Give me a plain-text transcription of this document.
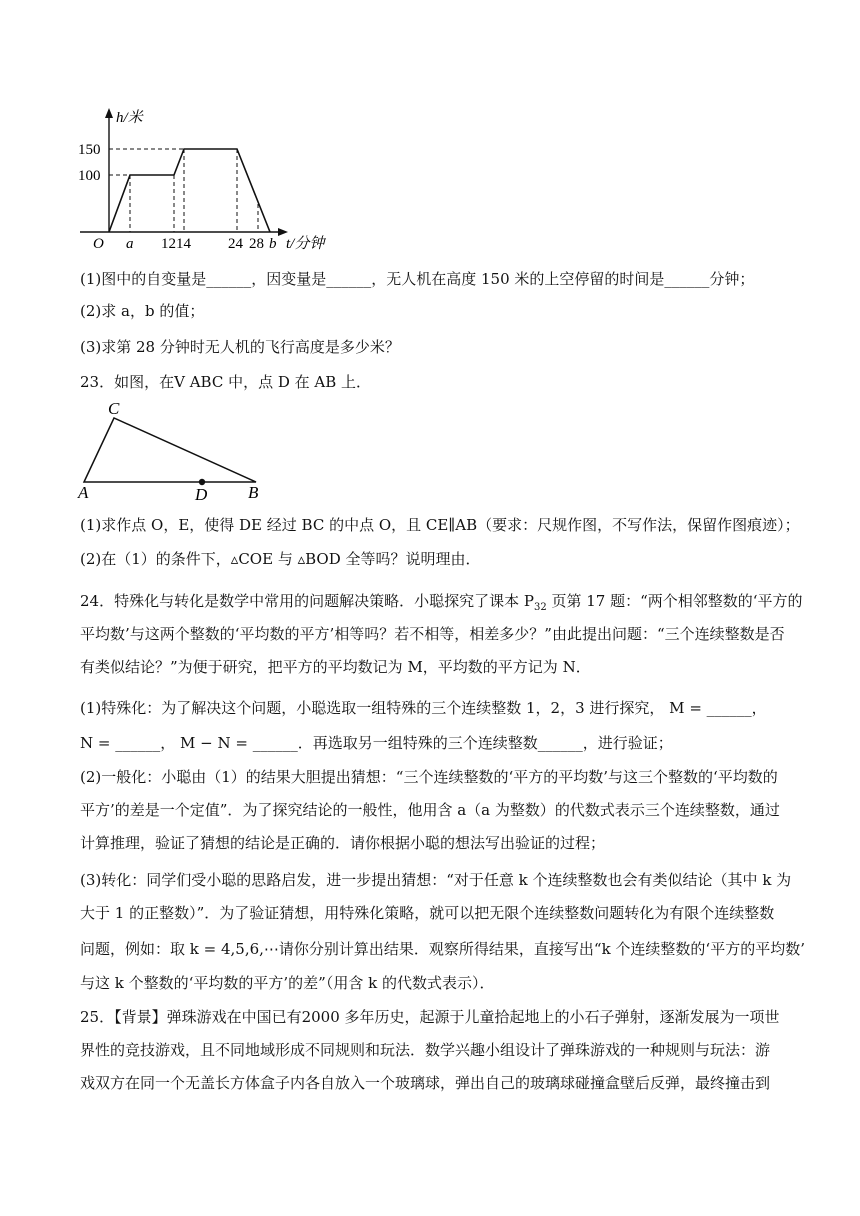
h/米
150
100
O a 1214 24 28 b t/分钟
(1)图中的自变量是______，因变量是______，无人机在高度 150 米的上空停留的时间是______分钟；
(2)求 a，b 的值；
(3)求第 28 分钟时无人机的飞行高度是多少米？
23．如图，在V ABC 中，点 D 在 AB 上．
C
A	D B
(1)求作点 O，E，使得 DE 经过 BC 的中点 O，且 CE∥AB（要求：尺规作图，不写作法，保留作图痕迹）；
(2)在（1）的条件下，▵COE 与 ▵BOD 全等吗？说明理由．
24．特殊化与转化是数学中常用的问题解决策略．小聪探究了课本 $P_{32}$ 页第 17 题：“两个相邻整数的‘平方的
平均数’与这两个整数的‘平均数的平方’相等吗？若不相等，相差多少？”由此提出问题：“三个连续整数是否
有类似结论？”为便于研究，把平方的平均数记为 M，平均数的平方记为 N．
(1)特殊化：为了解决这个问题，小聪选取一组特殊的三个连续整数 1，2，3 进行探究， M = ______，
N = ______， M − N = ______．再选取另一组特殊的三个连续整数______，进行验证；
(2)一般化：小聪由（1）的结果大胆提出猜想：“三个连续整数的‘平方的平均数’与这三个整数的‘平均数的
平方’的差是一个定值”．为了探究结论的一般性，他用含 a（a 为整数）的代数式表示三个连续整数，通过
计算推理，验证了猜想的结论是正确的．请你根据小聪的想法写出验证的过程；
(3)转化：同学们受小聪的思路启发，进一步提出猜想：“对于任意 k 个连续整数也会有类似结论（其中 k 为
大于 1 的正整数）”．为了验证猜想，用特殊化策略，就可以把无限个连续整数问题转化为有限个连续整数
问题，例如：取 k = 4,5,6,⋯请你分别计算出结果．观察所得结果，直接写出“k 个连续整数的‘平方的平均数’
与这 k 个整数的‘平均数的平方’的差”（用含 k 的代数式表示）．
25．【背景】弹珠游戏在中国已有2000 多年历史，起源于儿童拾起地上的小石子弹射，逐渐发展为一项世
界性的竞技游戏，且不同地域形成不同规则和玩法．数学兴趣小组设计了弹珠游戏的一种规则与玩法：游
戏双方在同一个无盖长方体盒子内各自放入一个玻璃球，弹出自己的玻璃球碰撞盒壁后反弹，最终撞击到
